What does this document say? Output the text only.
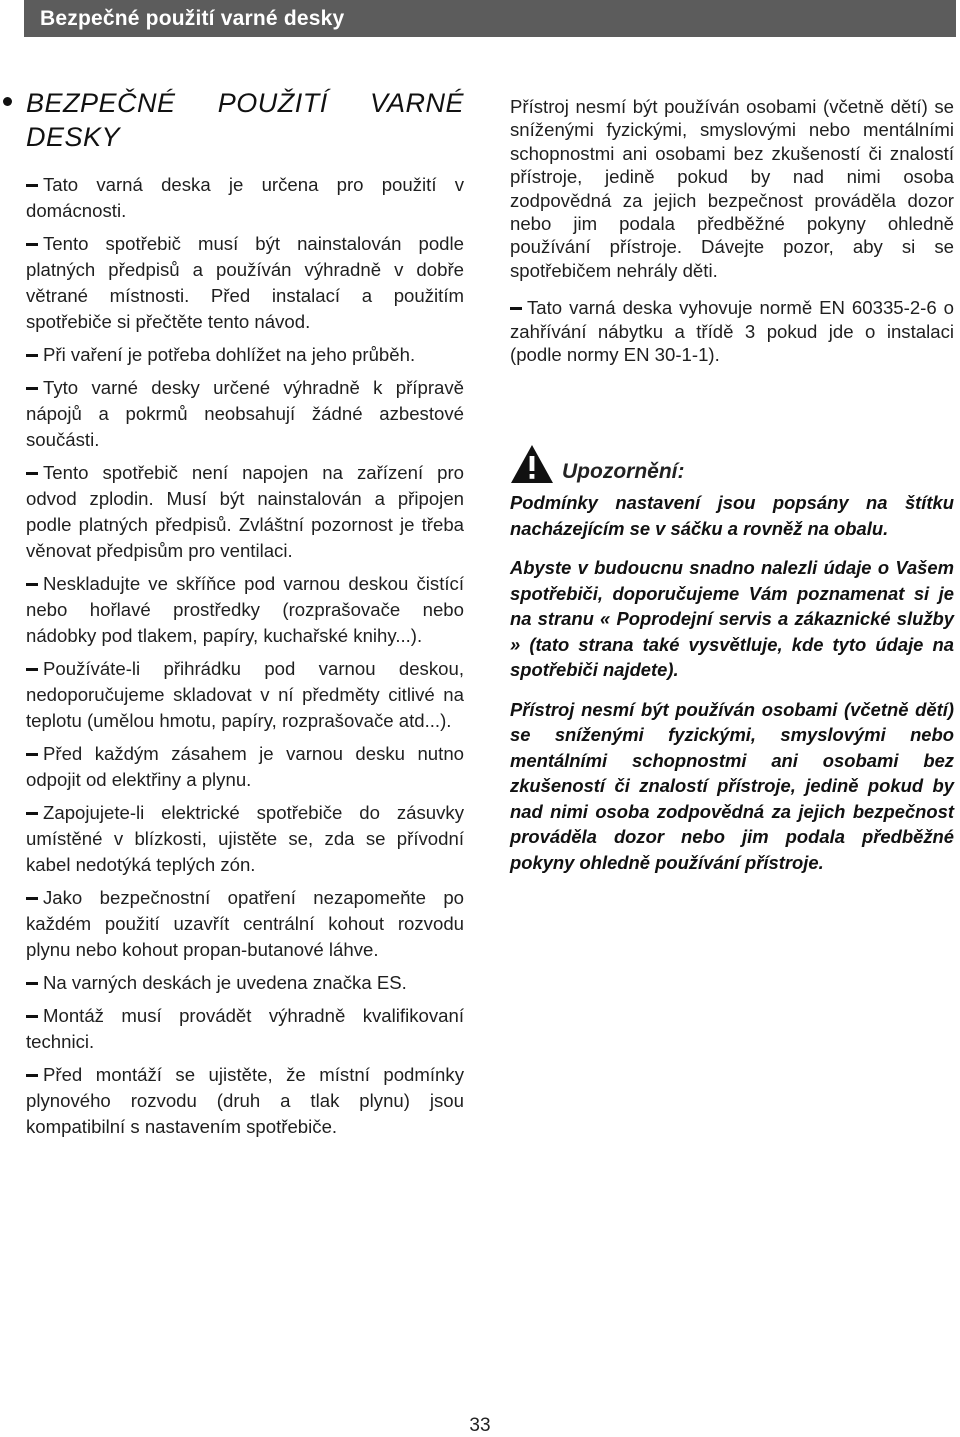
Bezpečné použití varné desky
BEZPEČNÉ POUŽITÍ VARNÉ
DESKY
Tato varná deska je určena pro použití v domácnosti.
Tento spotřebič musí být nainstalován podle platných předpisů a používán výhradně v dobře větrané místnosti. Před instalací a použitím spotřebiče si přečtěte tento návod.
Při vaření je potřeba dohlížet na jeho průběh.
Tyto varné desky určené výhradně k přípravě nápojů a pokrmů neobsahují žádné azbestové součásti.
Tento spotřebič není napojen na zařízení pro odvod zplodin. Musí být nainstalován a připojen podle platných předpisů. Zvláštní pozornost je třeba věnovat předpisům pro ventilaci.
Neskladujte ve skříňce pod varnou deskou čistící nebo hořlavé prostředky (rozprašovače nebo nádobky pod tlakem, papíry, kuchařské knihy...).
Používáte-li přihrádku pod varnou deskou, nedoporučujeme skladovat v ní předměty citlivé na teplotu (umělou hmotu, papíry, rozprašovače atd...).
Před každým zásahem je varnou desku nutno odpojit od elektřiny a plynu.
Zapojujete-li elektrické spotřebiče do zásuvky umístěné v blízkosti, ujistěte se, zda se přívodní kabel nedotýká teplých zón.
Jako bezpečnostní opatření nezapomeňte po každém použití uzavřít centrální kohout rozvodu plynu nebo kohout propan-butanové láhve.
Na varných deskách je uvedena značka ES.
Montáž musí provádět výhradně kvalifikovaní technici.
Před montáží se ujistěte, že místní podmínky plynového rozvodu (druh a tlak plynu) jsou kompatibilní s nastavením spotřebiče.

Přístroj nesmí být používán osobami (včetně dětí) se sníženými fyzickými, smyslovými nebo mentálními schopnostmi ani osobami bez zkušeností či znalostí přístroje, jedině pokud by nad nimi osoba zodpovědná za jejich bezpečnost prováděla dozor nebo jim podala předběžné pokyny ohledně používání přístroje. Dávejte pozor, aby si se spotřebičem nehrály děti.

Tato varná deska vyhovuje normě EN 60335-2-6 o zahřívání nábytku a třídě 3 pokud jde o instalaci (podle normy EN 30-1-1).
Upozornění:

Podmínky nastavení jsou popsány na štítku nacházejícím se v sáčku a rovněž na obalu.

Abyste v budoucnu snadno nalezli údaje o Vašem spotřebiči, doporučujeme Vám poznamenat si je na stranu « Poprodejní servis a zákaznické služby » (tato strana také vysvětluje, kde tyto údaje na spotřebiči najdete).

Přístroj nesmí být používán osobami (včetně dětí) se sníženými fyzickými, smyslovými nebo mentálními schopnostmi ani osobami bez zkušeností či znalostí přístroje, jedině pokud by nad nimi osoba zodpovědná za jejich bezpečnost prováděla dozor nebo jim podala předběžné pokyny ohledně používání přístroje.

33
